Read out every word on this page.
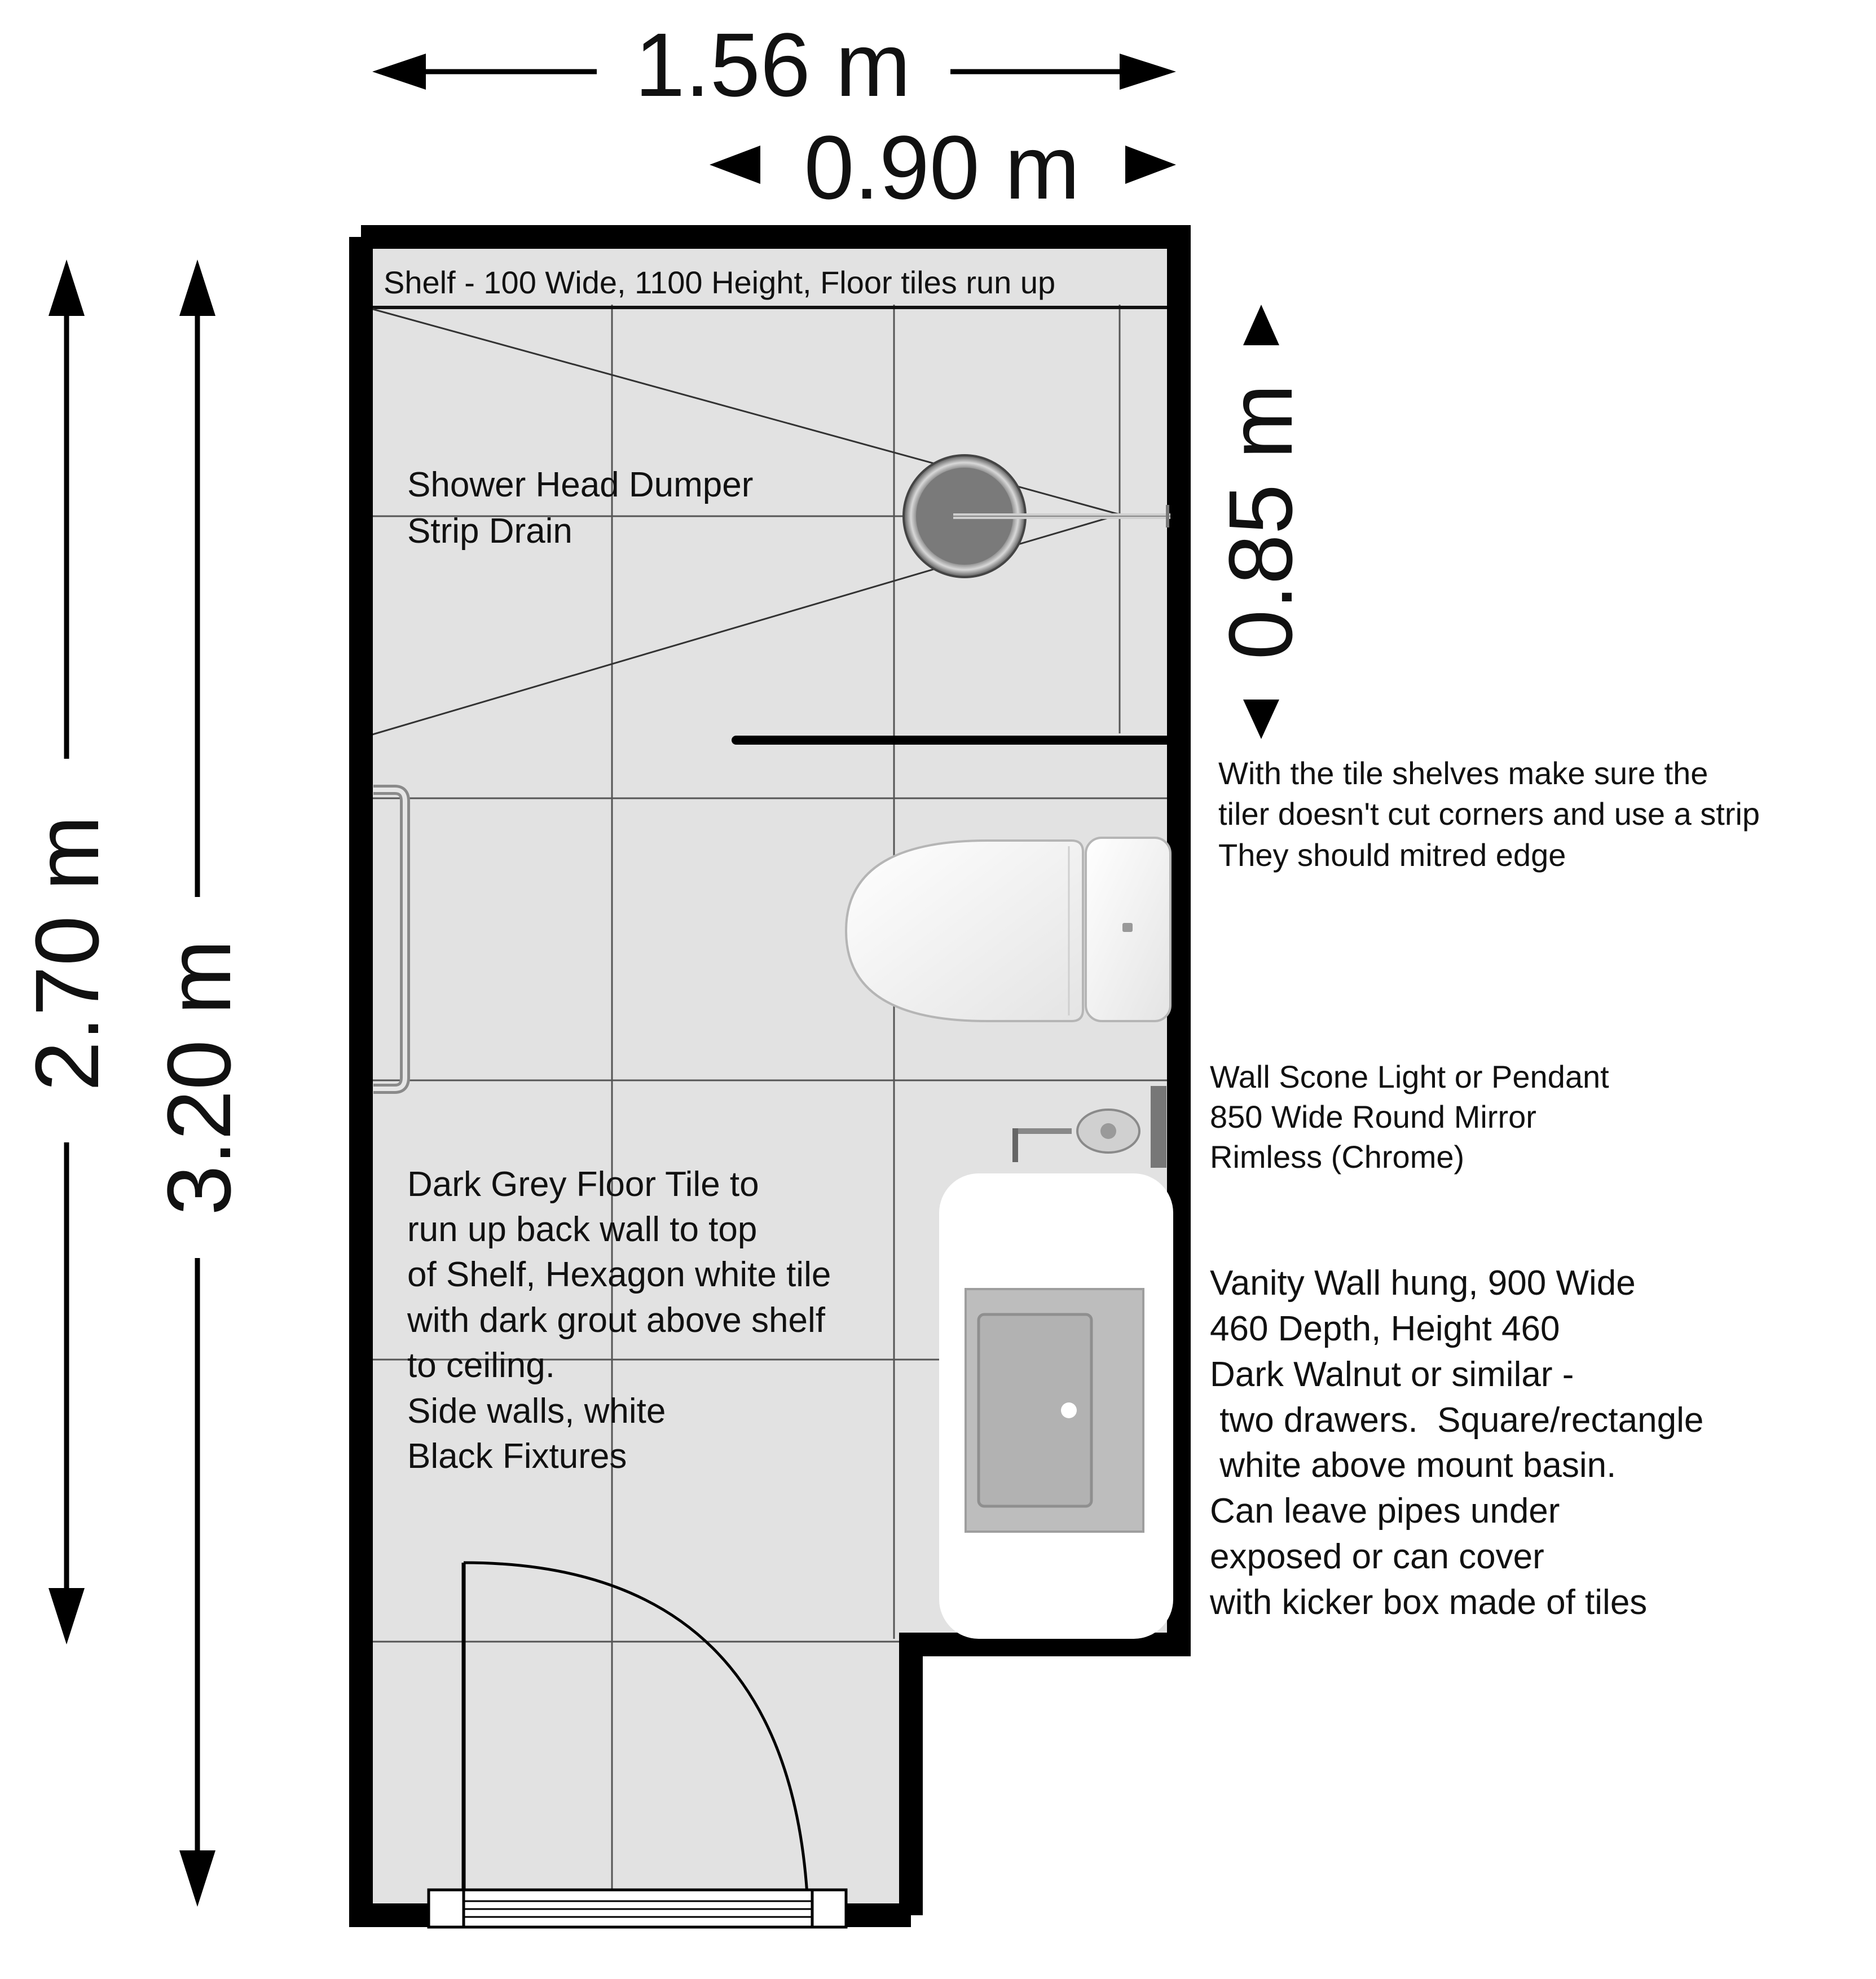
1.56 m
0.90 m
0.85 m
2.70 m 3.20 m
Shelf - 100 Wide, 1100 Height, Floor tiles run up
Shower Head Dumper
Strip Drain
With the tile shelves make sure the
tiler doesn't cut corners and use a strip
They should mitred edge
Wall Scone Light or Pendant
850 Wide Round Mirror
Rimless (Chrome)
Dark Grey Floor Tile to
run up back wall to top
of Shelf, Hexagon white tile
with dark grout above shelf
to ceiling.
Side walls, white
Black Fixtures
Vanity Wall hung, 900 Wide
460 Depth, Height 460
Dark Walnut or similar -
two drawers.  Square/rectangle
white above mount basin.
Can leave pipes under
exposed or can cover
with kicker box made of tiles
